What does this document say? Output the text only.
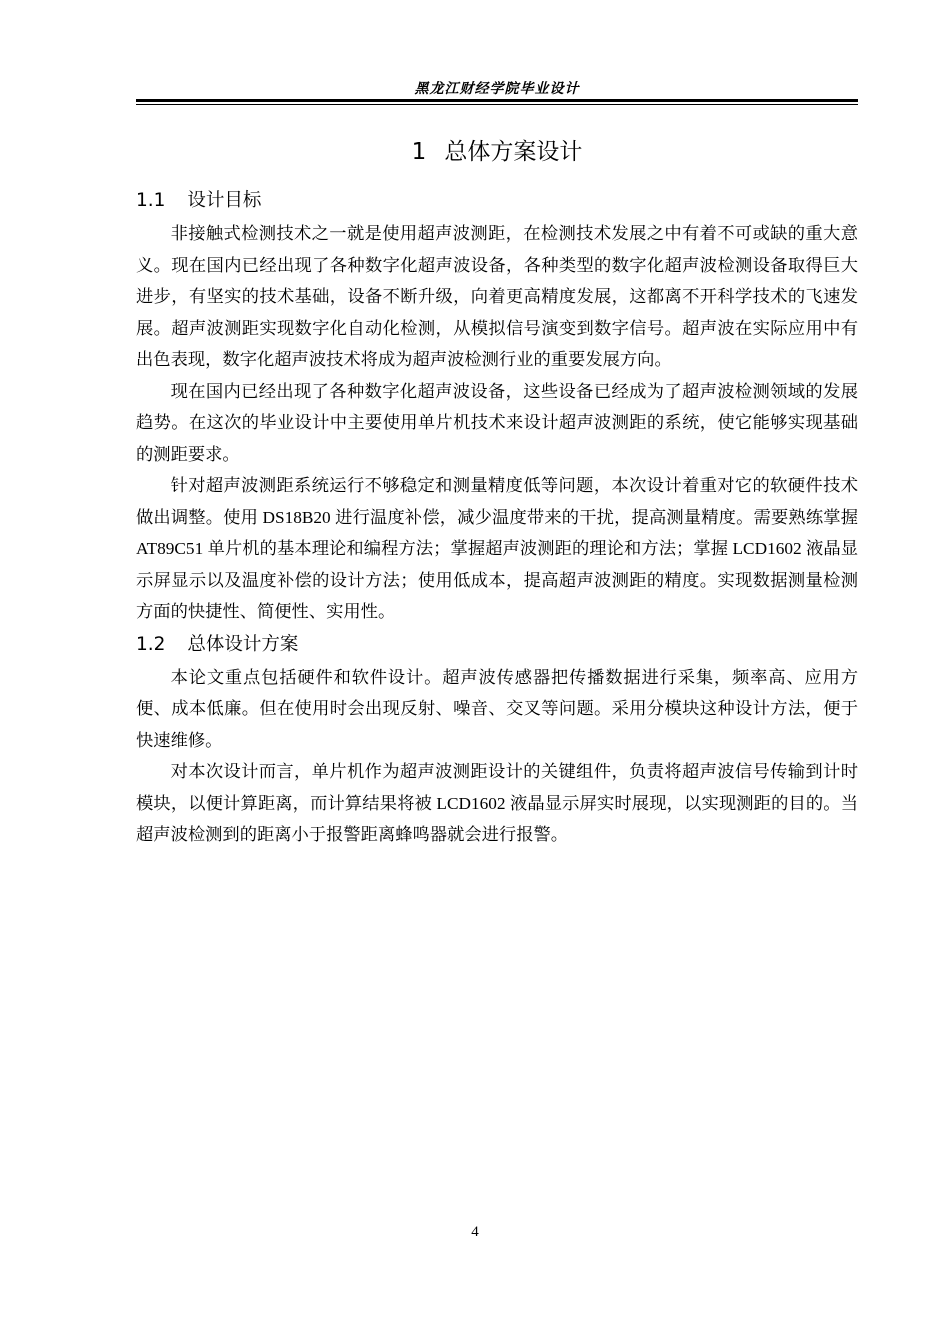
黑龙江财经学院毕业设计
1 总体方案设计
1.1 设计目标

非接触式检测技术之一就是使用超声波测距，在检测技术发展之中有着不可或缺的重大意义。现在国内已经出现了各种数字化超声波设备，各种类型的数字化超声波检测设备取得巨大进步，有坚实的技术基础，设备不断升级，向着更高精度发展，这都离不开科学技术的飞速发展。超声波测距实现数字化自动化检测，从模拟信号演变到数字信号。超声波在实际应用中有出色表现，数字化超声波技术将成为超声波检测行业的重要发展方向。

现在国内已经出现了各种数字化超声波设备，这些设备已经成为了超声波检测领域的发展趋势。在这次的毕业设计中主要使用单片机技术来设计超声波测距的系统，使它能够实现基础的测距要求。

针对超声波测距系统运行不够稳定和测量精度低等问题，本次设计着重对它的软硬件技术做出调整。使用 DS18B20 进行温度补偿，减少温度带来的干扰，提高测量精度。需要熟练掌握 AT89C51 单片机的基本理论和编程方法；掌握超声波测距的理论和方法；掌握 LCD1602 液晶显示屏显示以及温度补偿的设计方法；使用低成本，提高超声波测距的精度。实现数据测量检测方面的快捷性、简便性、实用性。

1.2 总体设计方案

本论文重点包括硬件和软件设计。超声波传感器把传播数据进行采集，频率高、应用方便、成本低廉。但在使用时会出现反射、噪音、交叉等问题。采用分模块这种设计方法，便于快速维修。

对本次设计而言，单片机作为超声波测距设计的关键组件，负责将超声波信号传输到计时模块，以便计算距离，而计算结果将被 LCD1602 液晶显示屏实时展现，以实现测距的目的。当超声波检测到的距离小于报警距离蜂鸣器就会进行报警。

4
